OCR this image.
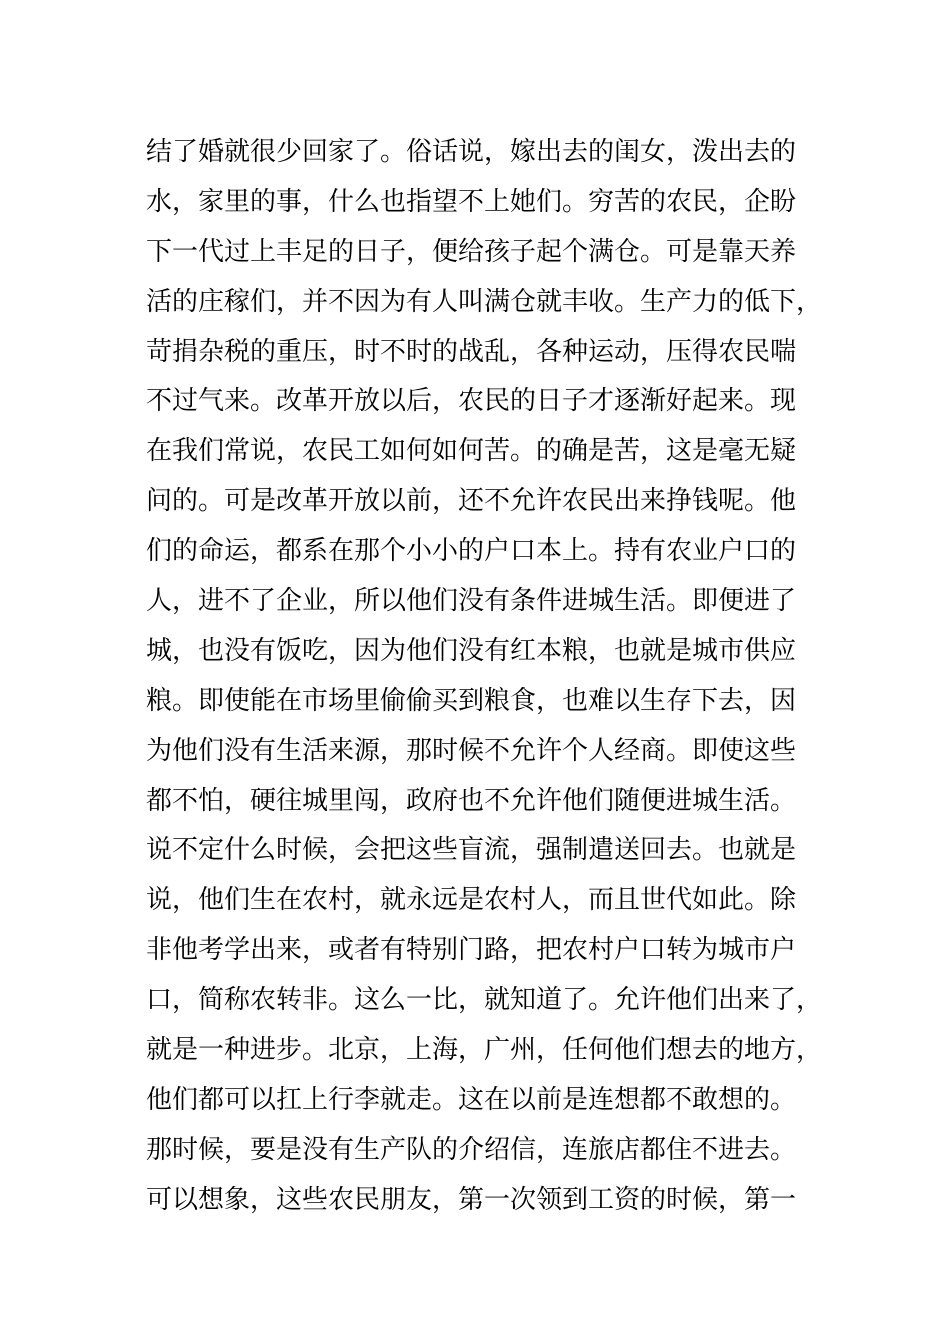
结了婚就很少回家了。俗话说，嫁出去的闺女，泼出去的
水，家里的事，什么也指望不上她们。穷苦的农民，企盼
下一代过上丰足的日子，便给孩子起个满仓。可是靠天养
活的庄稼们，并不因为有人叫满仓就丰收。生产力的低下，
苛捐杂税的重压，时不时的战乱，各种运动，压得农民喘
不过气来。改革开放以后，农民的日子才逐渐好起来。现
在我们常说，农民工如何如何苦。的确是苦，这是毫无疑
问的。可是改革开放以前，还不允许农民出来挣钱呢。他
们的命运，都系在那个小小的户口本上。持有农业户口的
人，进不了企业，所以他们没有条件进城生活。即便进了
城，也没有饭吃，因为他们没有红本粮，也就是城市供应
粮。即使能在市场里偷偷买到粮食，也难以生存下去，因
为他们没有生活来源，那时候不允许个人经商。即使这些
都不怕，硬往城里闯，政府也不允许他们随便进城生活。
说不定什么时候，会把这些盲流，强制遣送回去。也就是
说，他们生在农村，就永远是农村人，而且世代如此。除
非他考学出来，或者有特别门路，把农村户口转为城市户
口，简称农转非。这么一比，就知道了。允许他们出来了，
就是一种进步。北京，上海，广州，任何他们想去的地方，
他们都可以扛上行李就走。这在以前是连想都不敢想的。
那时候，要是没有生产队的介绍信，连旅店都住不进去。
可以想象，这些农民朋友，第一次领到工资的时候，第一
